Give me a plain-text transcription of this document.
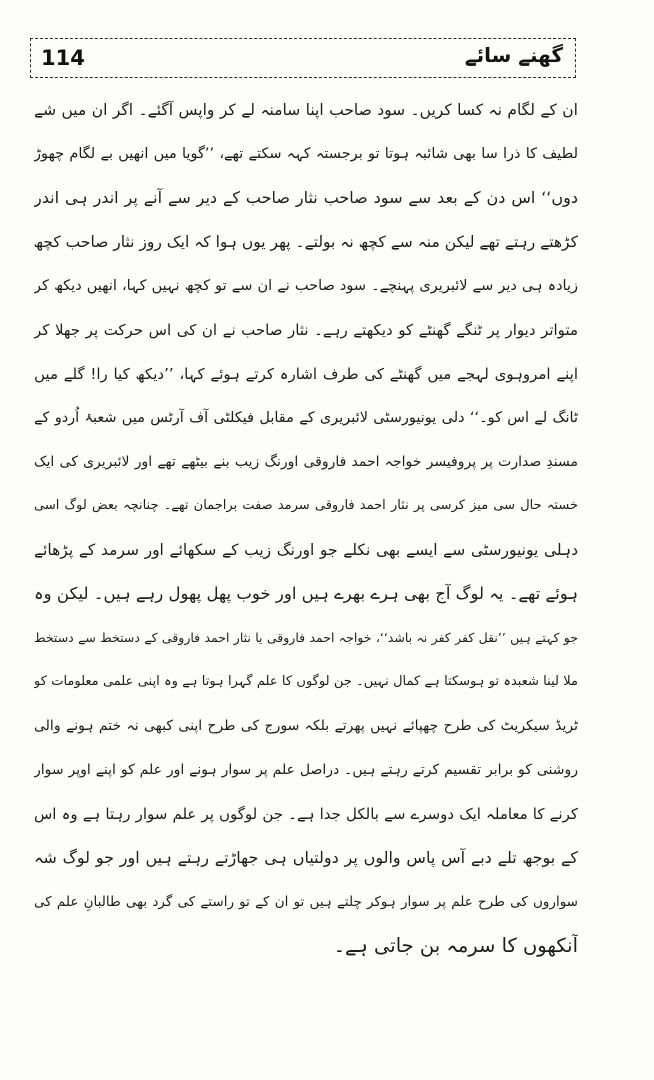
114	گھنے سائے
ان کے لگام نہ کسا کریں۔ سود صاحب اپنا سامنہ لے کر واپس آگئے۔ اگر ان میں شے
لطیف کا ذرا سا بھی شائبہ ہوتا تو برجستہ کہہ سکتے تھے، ’’گویا میں انھیں بے لگام چھوڑ
دوں‘‘ اس دن کے بعد سے سود صاحب نثار صاحب کے دیر سے آنے پر اندر ہی اندر
کڑھتے رہتے تھے لیکن منہ سے کچھ نہ بولتے۔ پھر یوں ہوا کہ ایک روز نثار صاحب کچھ
زیادہ ہی دیر سے لائبریری پہنچے۔ سود صاحب نے ان سے تو کچھ نہیں کہا، انھیں دیکھ کر
متواتر دیوار پر ٹنگے گھنٹے کو دیکھتے رہے۔ نثار صاحب نے ان کی اس حرکت پر جھلا کر
اپنے امروہوی لہجے میں گھنٹے کی طرف اشارہ کرتے ہوئے کہا، ’’دیکھ کیا را! گلے میں
ٹانگ لے اس کو۔‘‘ دلی یونیورسٹی لائبریری کے مقابل فیکلٹی آف آرٹس میں شعبۂ اُردو کے
مسندِ صدارت پر پروفیسر خواجہ احمد فاروقی اورنگ زیب بنے بیٹھے تھے اور لائبریری کی ایک
خستہ حال سی میز کرسی پر نثار احمد فاروقی سرمد صفت براجمان تھے۔ چنانچہ بعض لوگ اسی
دہلی یونیورسٹی سے ایسے بھی نکلے جو اورنگ زیب کے سکھائے اور سرمد کے پڑھائے
ہوئے تھے۔ یہ لوگ آج بھی ہرے بھرے ہیں اور خوب پھل پھول رہے ہیں۔ لیکن وہ
جو کہتے ہیں ’’نقل کفر کفر نہ باشد‘‘، خواجہ احمد فاروقی یا نثار احمد فاروقی کے دستخط سے دستخط
ملا لینا شعبدہ تو ہوسکتا ہے کمال نہیں۔ جن لوگوں کا علم گہرا ہوتا ہے وہ اپنی علمی معلومات کو
ٹریڈ سیکریٹ کی طرح چھپائے نہیں پھرتے بلکہ سورج کی طرح اپنی کبھی نہ ختم ہونے والی
روشنی کو برابر تقسیم کرتے رہتے ہیں۔ دراصل علم پر سوار ہونے اور علم کو اپنے اوپر سوار
کرنے کا معاملہ ایک دوسرے سے بالکل جدا ہے۔ جن لوگوں پر علم سوار رہتا ہے وہ اس
کے بوجھ تلے دبے آس پاس والوں پر دولتیاں ہی جھاڑتے رہتے ہیں اور جو لوگ شہ
سواروں کی طرح علم پر سوار ہوکر چلتے ہیں تو ان کے تو راستے کی گرد بھی طالبانِ علم کی
آنکھوں کا سرمہ بن جاتی ہے۔
